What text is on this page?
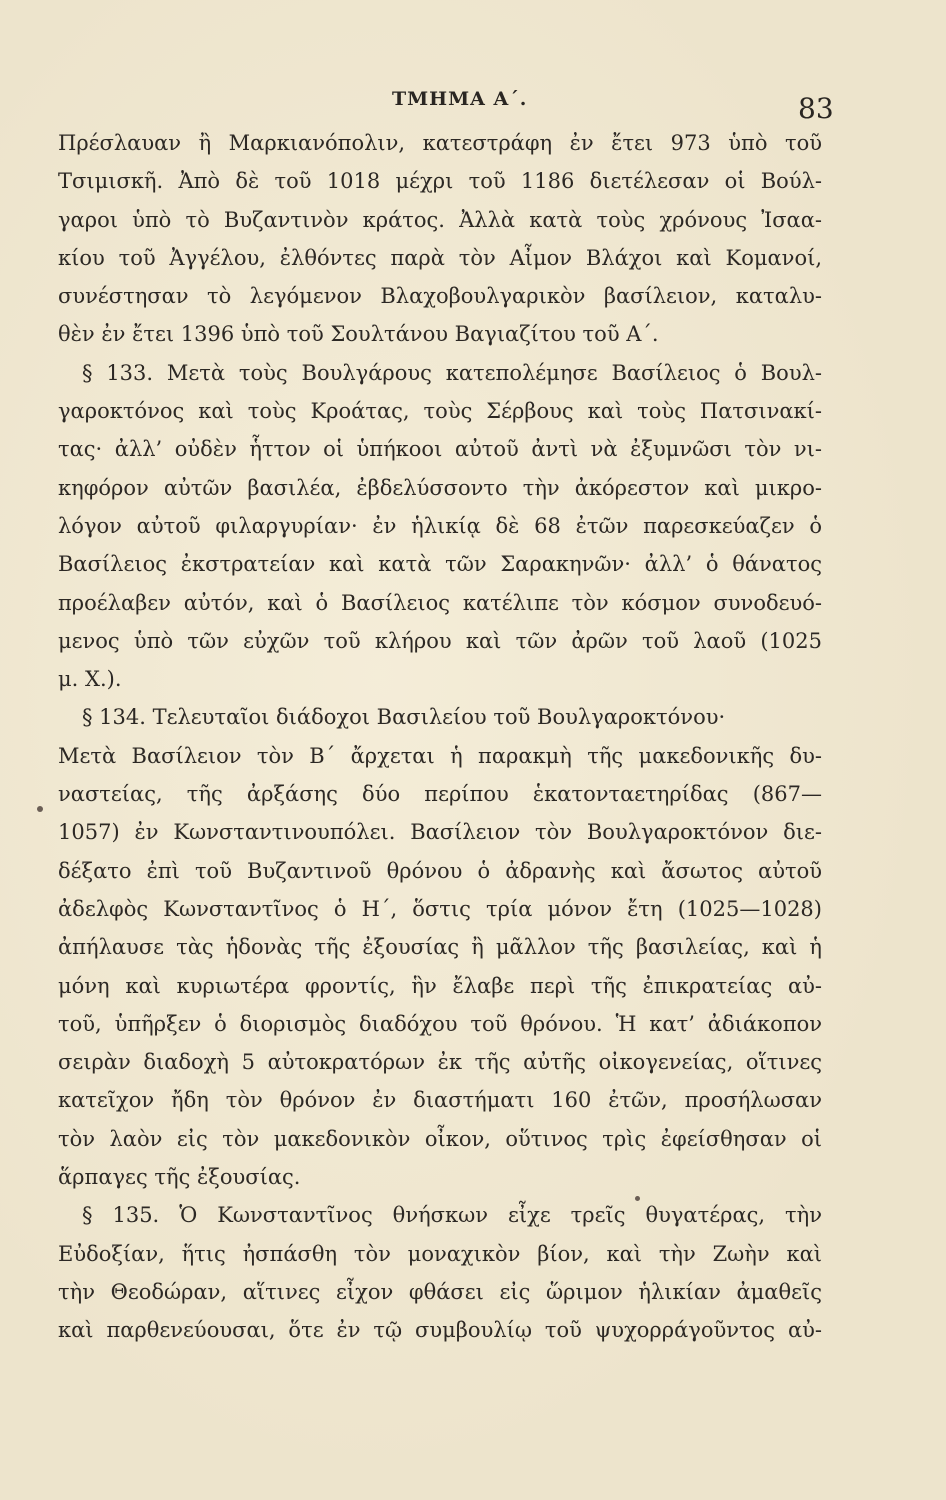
ΤΜΗΜΑ Α΄.	83
Πρέσλαυαν ἢ Μαρκιανόπολιν, κατεστράφη ἐν ἔτει 973 ὑπὸ τοῦ
Τσιμισκῆ. Ἀπὸ δὲ τοῦ 1018 μέχρι τοῦ 1186 διετέλεσαν οἱ Βούλ-
γαροι ὑπὸ τὸ Βυζαντινὸν κράτος. Ἀλλὰ κατὰ τοὺς χρόνους Ἰσαα-
κίου τοῦ Ἀγγέλου, ἐλθόντες παρὰ τὸν Αἶμον Βλάχοι καὶ Κομανοί,
συνέστησαν τὸ λεγόμενον Βλαχοβουλγαρικὸν βασίλειον, καταλυ-
θὲν ἐν ἔτει 1396 ὑπὸ τοῦ Σουλτάνου Βαγιαζίτου τοῦ Α΄.
§ 133. Μετὰ τοὺς Βουλγάρους κατεπολέμησε Βασίλειος ὁ Βουλ-
γαροκτόνος καὶ τοὺς Κροάτας, τοὺς Σέρβους καὶ τοὺς Πατσινακί-
τας· ἀλλ’ οὐδὲν ἧττον οἱ ὑπήκοοι αὐτοῦ ἀντὶ νὰ ἐξυμνῶσι τὸν νι-
κηφόρον αὐτῶν βασιλέα, ἐβδελύσσοντο τὴν ἀκόρεστον καὶ μικρο-
λόγον αὐτοῦ φιλαργυρίαν· ἐν ἡλικίᾳ δὲ 68 ἐτῶν παρεσκεύαζεν ὁ
Βασίλειος ἐκστρατείαν καὶ κατὰ τῶν Σαρακηνῶν· ἀλλ’ ὁ θάνατος
προέλαβεν αὐτόν, καὶ ὁ Βασίλειος κατέλιπε τὸν κόσμον συνοδευό-
μενος ὑπὸ τῶν εὐχῶν τοῦ κλήρου καὶ τῶν ἀρῶν τοῦ λαοῦ (1025
μ. Χ.).
§ 134. Τελευταῖοι διάδοχοι Βασιλείου τοῦ Βουλγαροκτόνου·
Μετὰ Βασίλειον τὸν Β΄ ἄρχεται ἡ παρακμὴ τῆς μακεδονικῆς δυ-
ναστείας, τῆς ἀρξάσης δύο περίπου ἑκατονταετηρίδας (867—
1057) ἐν Κωνσταντινουπόλει. Βασίλειον τὸν Βουλγαροκτόνον διε-
δέξατο ἐπὶ τοῦ Βυζαντινοῦ θρόνου ὁ ἀδρανὴς καὶ ἄσωτος αὐτοῦ
ἀδελφὸς Κωνσταντῖνος ὁ Η΄, ὅστις τρία μόνον ἔτη (1025—1028)
ἀπήλαυσε τὰς ἡδονὰς τῆς ἐξουσίας ἢ μᾶλλον τῆς βασιλείας, καὶ ἡ
μόνη καὶ κυριωτέρα φροντίς, ἣν ἔλαβε περὶ τῆς ἐπικρατείας αὐ-
τοῦ, ὑπῆρξεν ὁ διορισμὸς διαδόχου τοῦ θρόνου. Ἡ κατ’ ἀδιάκοπον
σειρὰν διαδοχὴ 5 αὐτοκρατόρων ἐκ τῆς αὐτῆς οἰκογενείας, οἵτινες
κατεῖχον ἤδη τὸν θρόνον ἐν διαστήματι 160 ἐτῶν, προσήλωσαν
τὸν λαὸν εἰς τὸν μακεδονικὸν οἶκον, οὕτινος τρὶς ἐφείσθησαν οἱ
ἅρπαγες τῆς ἐξουσίας.
§ 135. Ὁ Κωνσταντῖνος θνήσκων εἶχε τρεῖς θυγατέρας, τὴν
Εὐδοξίαν, ἥτις ἠσπάσθη τὸν μοναχικὸν βίον, καὶ τὴν Ζωὴν καὶ
τὴν Θεοδώραν, αἵτινες εἶχον φθάσει εἰς ὥριμον ἡλικίαν ἀμαθεῖς
καὶ παρθενεύουσαι, ὅτε ἐν τῷ συμβουλίῳ τοῦ ψυχορράγοῦντος αὐ-
